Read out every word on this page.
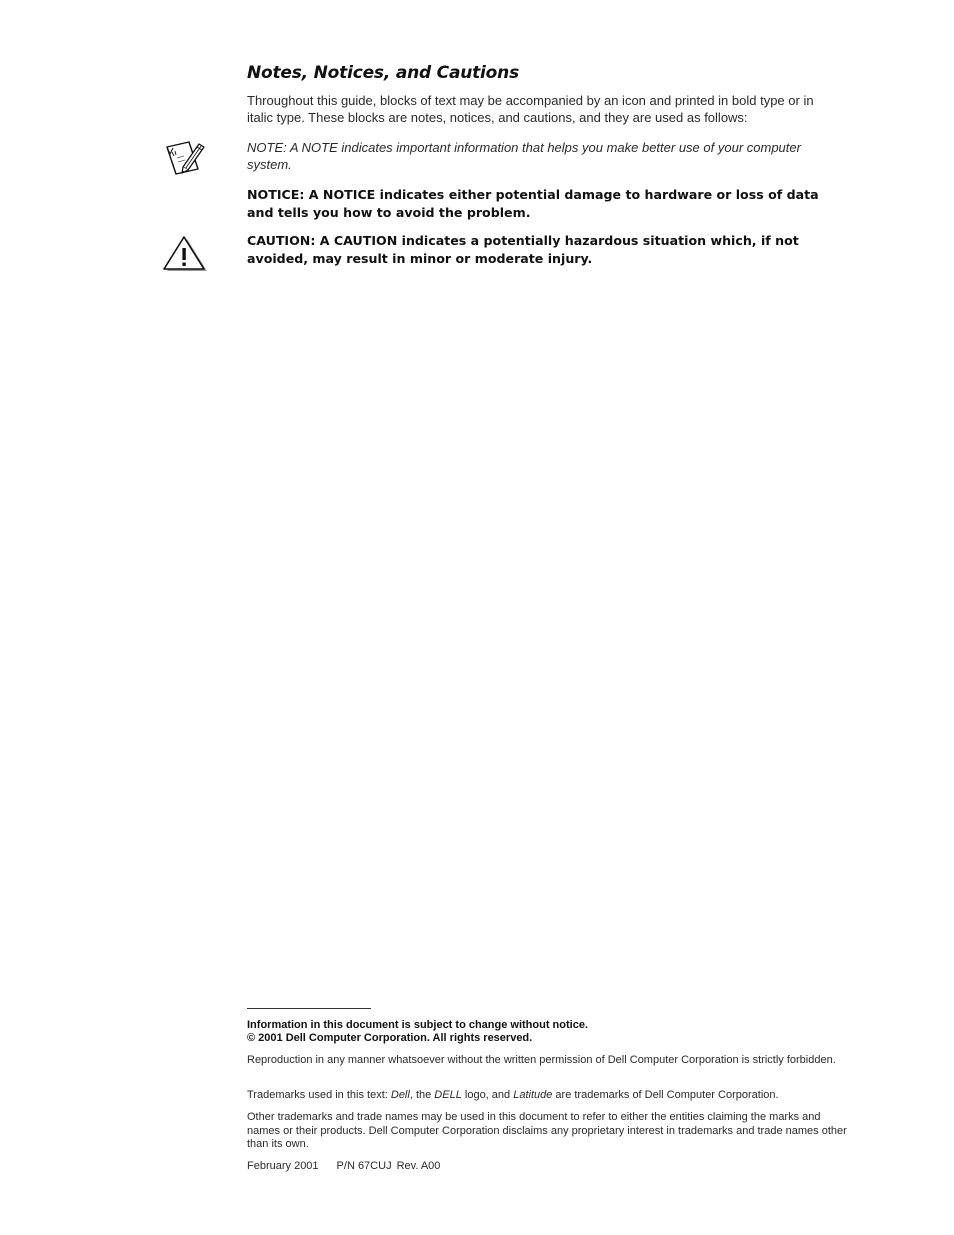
Notes, Notices, and Cautions

Throughout this guide, blocks of text may be accompanied by an icon and printed in bold type or in italic type. These blocks are notes, notices, and cautions, and they are used as follows:

NOTE: A NOTE indicates important information that helps you make better use of your computer system.

NOTICE: A NOTICE indicates either potential damage to hardware or loss of data and tells you how to avoid the problem.

CAUTION: A CAUTION indicates a potentially hazardous situation which, if not avoided, may result in minor or moderate injury.

Information in this document is subject to change without notice.
© 2001 Dell Computer Corporation. All rights reserved.

Reproduction in any manner whatsoever without the written permission of Dell Computer Corporation is strictly forbidden.

Trademarks used in this text: Dell, the DELL logo, and Latitude are trademarks of Dell Computer Corporation.

Other trademarks and trade names may be used in this document to refer to either the entities claiming the marks and names or their products. Dell Computer Corporation disclaims any proprietary interest in trademarks and trade names other than its own.

February 2001 P/N 67CUJ Rev. A00
